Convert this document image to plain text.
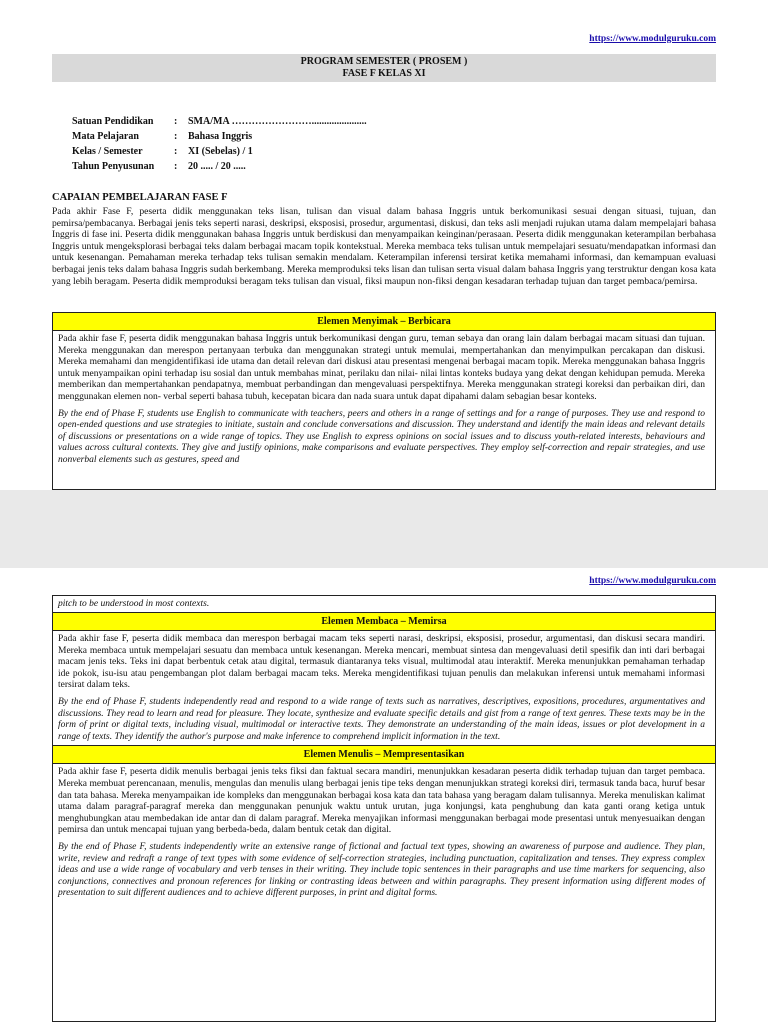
https://www.modulguruku.com
PROGRAM SEMESTER ( PROSEM )
FASE F KELAS XI
Satuan Pendidikan	:	SMA/MA ……………………......................
Mata Pelajaran	:	Bahasa Inggris
Kelas / Semester	:	XI (Sebelas) / 1
Tahun Penyusunan	:	20 ..... / 20 .....
CAPAIAN PEMBELAJARAN FASE F
Pada akhir Fase F, peserta didik menggunakan teks lisan, tulisan dan visual dalam bahasa Inggris untuk berkomunikasi sesuai dengan situasi, tujuan, dan pemirsa/pembacanya. Berbagai jenis teks seperti narasi, deskripsi, eksposisi, prosedur, argumentasi, diskusi, dan teks asli menjadi rujukan utama dalam mempelajari bahasa Inggris di fase ini. Peserta didik menggunakan bahasa Inggris untuk berdiskusi dan menyampaikan keinginan/perasaan. Peserta didik menggunakan keterampilan berbahasa Inggris untuk mengeksplorasi berbagai teks dalam berbagai macam topik kontekstual. Mereka membaca teks tulisan untuk mempelajari sesuatu/mendapatkan informasi dan untuk kesenangan. Pemahaman mereka terhadap teks tulisan semakin mendalam. Keterampilan inferensi tersirat ketika memahami informasi, dan kemampuan evaluasi berbagai jenis teks dalam bahasa Inggris sudah berkembang. Mereka memproduksi teks lisan dan tulisan serta visual dalam bahasa Inggris yang terstruktur dengan kosa kata yang lebih beragam. Peserta didik memproduksi beragam teks tulisan dan visual, fiksi maupun non-fiksi dengan kesadaran terhadap tujuan dan target pembaca/pemirsa.
Elemen Menyimak – Berbicara
Pada akhir fase F, peserta didik menggunakan bahasa Inggris untuk berkomunikasi dengan guru, teman sebaya dan orang lain dalam berbagai macam situasi dan tujuan. Mereka menggunakan dan merespon pertanyaan terbuka dan menggunakan strategi untuk memulai, mempertahankan dan menyimpulkan percakapan dan diskusi. Mereka memahami dan mengidentifikasi ide utama dan detail relevan dari diskusi atau presentasi mengenai berbagai macam topik. Mereka menggunakan bahasa Inggris untuk menyampaikan opini terhadap isu sosial dan untuk membahas minat, perilaku dan nilai- nilai lintas konteks budaya yang dekat dengan kehidupan pemuda. Mereka memberikan dan mempertahankan pendapatnya, membuat perbandingan dan mengevaluasi perspektifnya. Mereka menggunakan strategi koreksi dan perbaikan diri, dan menggunakan elemen non- verbal seperti bahasa tubuh, kecepatan bicara dan nada suara untuk dapat dipahami dalam sebagian besar konteks.
By the end of Phase F, students use English to communicate with teachers, peers and others in a range of settings and for a range of purposes. They use and respond to open-ended questions and use strategies to initiate, sustain and conclude conversations and discussion. They understand and identify the main ideas and relevant details of discussions or presentations on a wide range of topics. They use English to express opinions on social issues and to discuss youth-related interests, behaviours and values across cultural contexts. They give and justify opinions, make comparisons and evaluate perspectives. They employ self-correction and repair strategies, and use nonverbal elements such as gestures, speed and
https://www.modulguruku.com
pitch to be understood in most contexts.
Elemen Membaca – Memirsa
Pada akhir fase F, peserta didik membaca dan merespon berbagai macam teks seperti narasi, deskripsi, eksposisi, prosedur, argumentasi, dan diskusi secara mandiri. Mereka membaca untuk mempelajari sesuatu dan membaca untuk kesenangan. Mereka mencari, membuat sintesa dan mengevaluasi detil spesifik dan inti dari berbagai macam jenis teks. Teks ini dapat berbentuk cetak atau digital, termasuk diantaranya teks visual, multimodal atau interaktif. Mereka menunjukkan pemahaman terhadap ide pokok, isu-isu atau pengembangan plot dalam berbagai macam teks. Mereka mengidentifikasi tujuan penulis dan melakukan inferensi untuk memahami informasi tersirat dalam teks.
By the end of Phase F, students independently read and respond to a wide range of texts such as narratives, descriptives, expositions, procedures, argumentatives and discussions. They read to learn and read for pleasure. They locate, synthesize and evaluate specific details and gist from a range of text genres. These texts may be in the form of print or digital texts, including visual, multimodal or interactive texts. They demonstrate an understanding of the main ideas, issues or plot development in a range of texts. They identify the author's purpose and make inference to comprehend implicit information in the text.
Elemen Menulis – Mempresentasikan
Pada akhir fase F, peserta didik menulis berbagai jenis teks fiksi dan faktual secara mandiri, menunjukkan kesadaran peserta didik terhadap tujuan dan target pembaca. Mereka membuat perencanaan, menulis, mengulas dan menulis ulang berbagai jenis tipe teks dengan menunjukkan strategi koreksi diri, termasuk tanda baca, huruf besar dan tata bahasa. Mereka menyampaikan ide kompleks dan menggunakan berbagai kosa kata dan tata bahasa yang beragam dalam tulisannya. Mereka menuliskan kalimat utama dalam paragraf-paragraf mereka dan menggunakan penunjuk waktu untuk urutan, juga konjungsi, kata penghubung dan kata ganti orang ketiga untuk menghubungkan atau membedakan ide antar dan di dalam paragraf. Mereka menyajikan informasi menggunakan berbagai mode presentasi untuk menyesuaikan dengan pemirsa dan untuk mencapai tujuan yang berbeda-beda, dalam bentuk cetak dan digital.
By the end of Phase F, students independently write an extensive range of fictional and factual text types, showing an awareness of purpose and audience. They plan, write, review and redraft a range of text types with some evidence of self-correction strategies, including punctuation, capitalization and tenses. They express complex ideas and use a wide range of vocabulary and verb tenses in their writing. They include topic sentences in their paragraphs and use time markers for sequencing, also conjunctions, connectives and pronoun references for linking or contrasting ideas between and within paragraphs. They present information using different modes of presentation to suit different audiences and to achieve different purposes, in print and digital forms.
